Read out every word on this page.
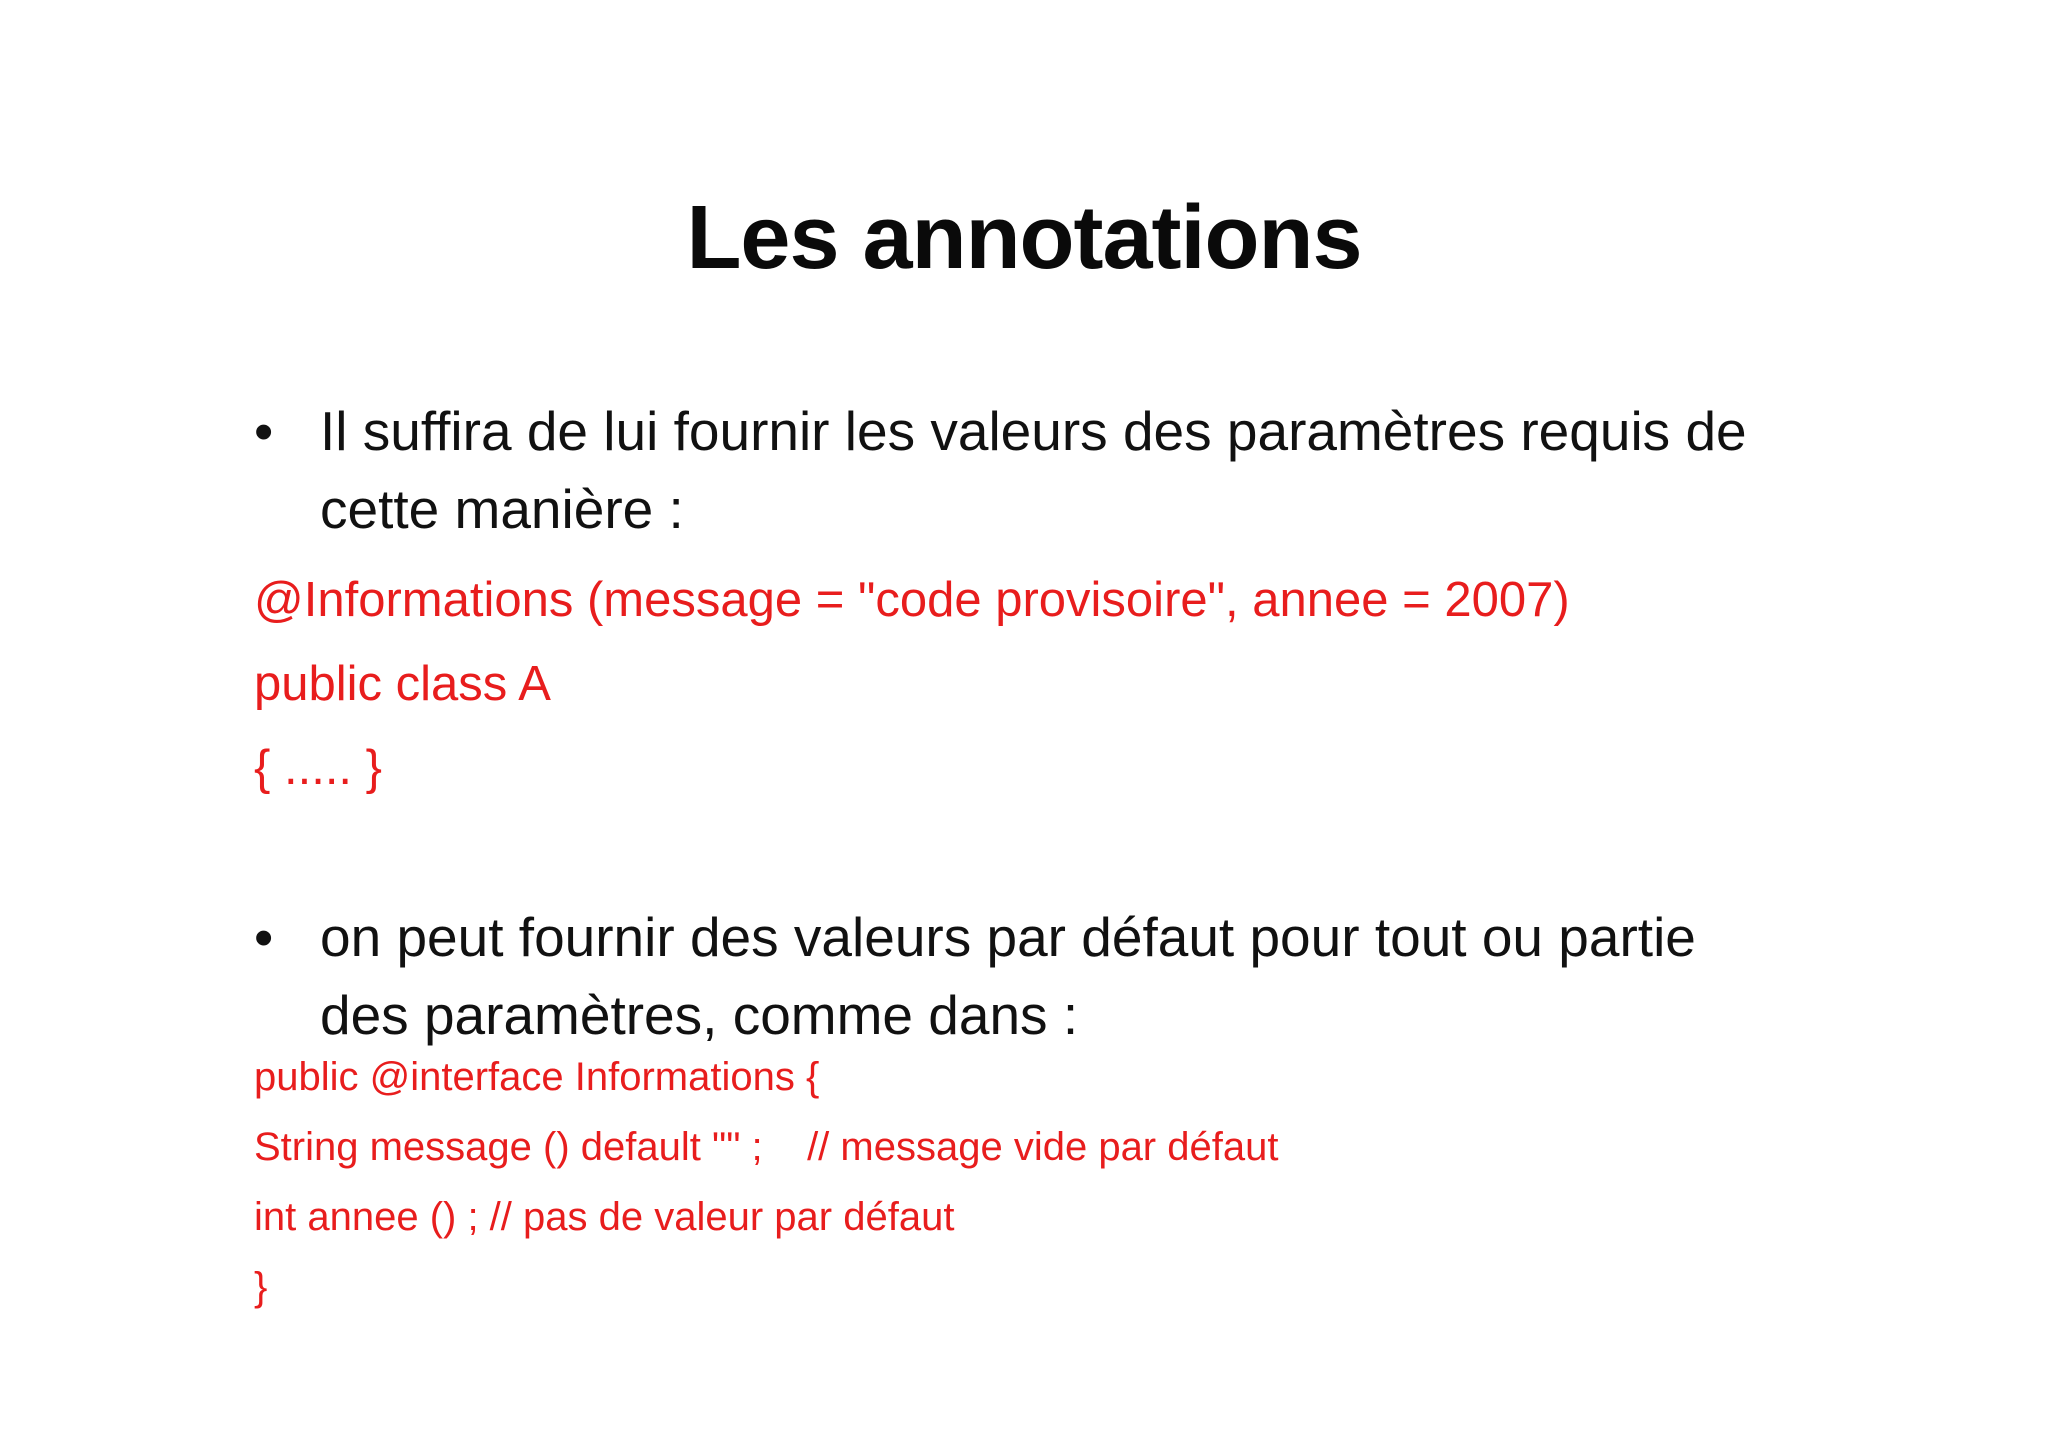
Les annotations
• Il suffira de lui fournir les valeurs des paramètres requis de cette manière :
@Informations (message = "code provisoire", annee = 2007)
public class A
{ ..... }
• on peut fournir des valeurs par défaut pour tout ou partie des paramètres, comme dans :
public @interface Informations {
String message () default "" ;    // message vide par défaut
int annee () ; // pas de valeur par défaut
}
